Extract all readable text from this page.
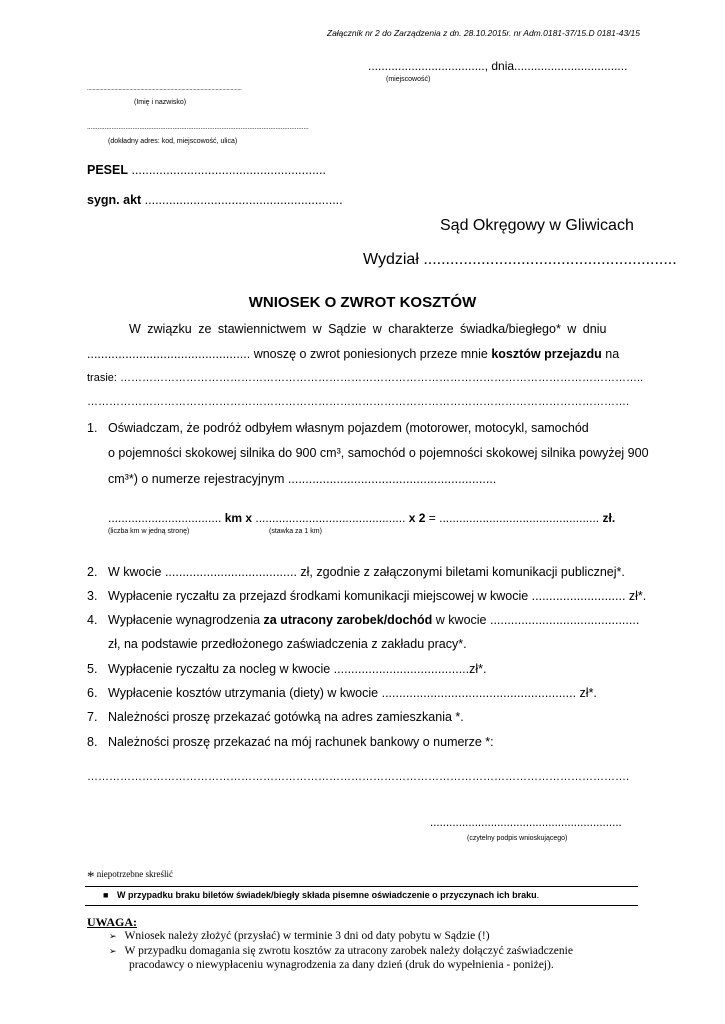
Załącznik nr 2 do Zarządzenia z dn. 28.10.2015r. nr Adm.0181-37/15.D 0181-43/15
..................................., dnia..................................
(miejscowość)
.................................................................................................................
(Imię i nazwisko)
...............................................................................................................................
(dokładny adres: kod, miejscowość, ulica)
PESEL ........................................................
sygn. akt .........................................................
Sąd Okręgowy w Gliwicach
Wydział .........................................................
WNIOSEK O ZWROT KOSZTÓW
W związku ze stawiennictwem w Sądzie w charakterze świadka/biegłego* w dniu
............................................... wnoszę o zwrot poniesionych przeze mnie kosztów przejazdu na
trasie: ……………………………………………………………………………………………………………………………..
………………………………………………………………………………………………………………………………….
1. Oświadczam, że podróż odbyłem własnym pojazdem (motorower, motocykl, samochód
o pojemności skokowej silnika do 900 cm³, samochód o pojemności skokowej silnika powyżej 900
cm³*) o numerze rejestracyjnym ............................................................
.................................. km x ............................................. x 2 = ................................................ zł.
(liczba km w jedną stronę)	(stawka za 1 km)
2. W kwocie ...................................... zł, zgodnie z załączonymi biletami komunikacji publicznej*.
3. Wypłacenie ryczałtu za przejazd środkami komunikacji miejscowej w kwocie ........................... zł*.
4. Wypłacenie wynagrodzenia za utracony zarobek/dochód w kwocie ...........................................
zł, na podstawie przedłożonego zaświadczenia z zakładu pracy*.
5. Wypłacenie ryczałtu za nocleg w kwocie .......................................zł*.
6. Wypłacenie kosztów utrzymania (diety) w kwocie ........................................................ zł*.
7. Należności proszę przekazać gotówką na adres zamieszkania *.
8. Należności proszę przekazać na mój rachunek bankowy o numerze *:
………………………………………………………………………………………………………………………………….
............................................................
(czytelny podpis wnioskującego)
* niepotrzebne skreślić
■ W przypadku braku biletów świadek/biegły składa pisemne oświadczenie o przyczynach ich braku.
UWAGA:
➢ Wniosek należy złożyć (przysłać) w terminie 3 dni od daty pobytu w Sądzie (!)
➢ W przypadku domagania się zwrotu kosztów za utracony zarobek należy dołączyć zaświadczenie
pracodawcy o niewypłaceniu wynagrodzenia za dany dzień (druk do wypełnienia - poniżej).
